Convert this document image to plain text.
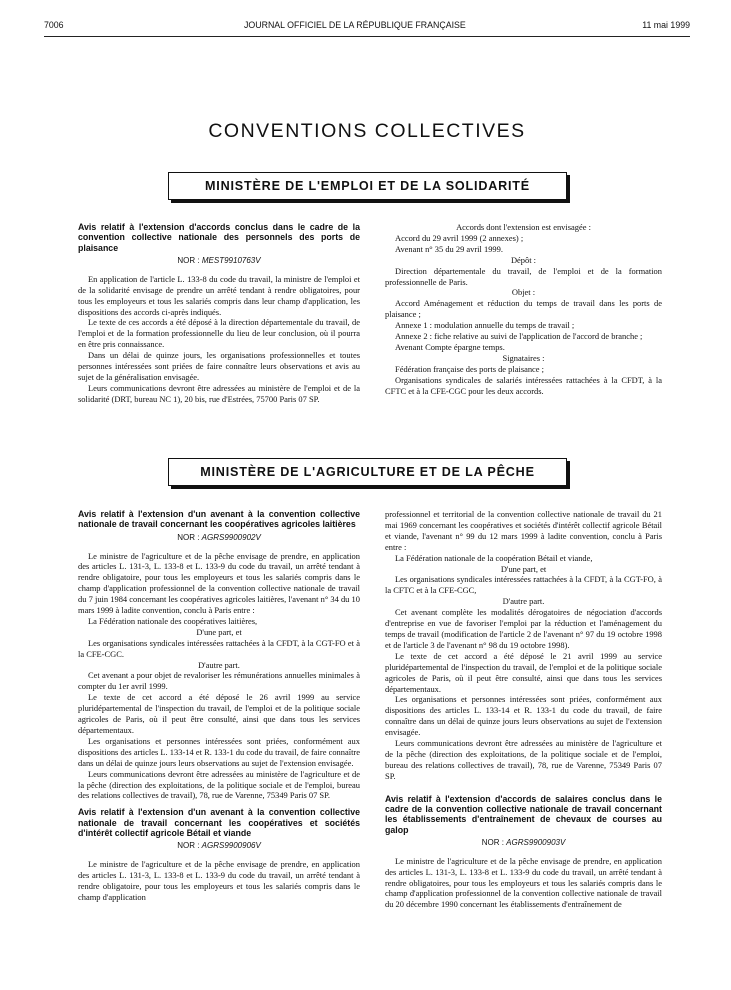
7006	JOURNAL OFFICIEL DE LA RÉPUBLIQUE FRANÇAISE	11 mai 1999
CONVENTIONS COLLECTIVES
MINISTÈRE DE L'EMPLOI ET DE LA SOLIDARITÉ
Avis relatif à l'extension d'accords conclus dans le cadre de la convention collective nationale des personnels des ports de plaisance
NOR : MEST9910763V

En application de l'article L. 133-8 du code du travail, la ministre de l'emploi et de la solidarité envisage de prendre un arrêté tendant à rendre obligatoires, pour tous les employeurs et tous les salariés compris dans leur champ d'application, les dispositions des accords ci-après indiqués.

Le texte de ces accords a été déposé à la direction départementale du travail, de l'emploi et de la formation professionnelle du lieu de leur conclusion, où il pourra en être pris connaissance.

Dans un délai de quinze jours, les organisations professionnelles et toutes personnes intéressées sont priées de faire connaître leurs observations et avis au sujet de la généralisation envisagée.

Leurs communications devront être adressées au ministère de l'emploi et de la solidarité (DRT, bureau NC 1), 20 bis, rue d'Estrées, 75700 Paris 07 SP.

Accords dont l'extension est envisagée :

Accord du 29 avril 1999 (2 annexes) ;

Avenant n° 35 du 29 avril 1999.

Dépôt :

Direction départementale du travail, de l'emploi et de la formation professionnelle de Paris.

Objet :

Accord Aménagement et réduction du temps de travail dans les ports de plaisance ;

Annexe 1 : modulation annuelle du temps de travail ;

Annexe 2 : fiche relative au suivi de l'application de l'accord de branche ;

Avenant Compte épargne temps.

Signataires :

Fédération française des ports de plaisance ;

Organisations syndicales de salariés intéressées rattachées à la CFDT, à la CFTC et à la CFE-CGC pour les deux accords.

MINISTÈRE DE L'AGRICULTURE ET DE LA PÊCHE
Avis relatif à l'extension d'un avenant à la convention collective nationale de travail concernant les coopératives agricoles laitières
NOR : AGRS9900902V

Le ministre de l'agriculture et de la pêche envisage de prendre, en application des articles L. 131-3, L. 133-8 et L. 133-9 du code du travail, un arrêté tendant à rendre obligatoire, pour tous les employeurs et tous les salariés compris dans le champ d'application professionnel de la convention collective nationale de travail du 7 juin 1984 concernant les coopératives agricoles laitières, l'avenant n° 34 du 10 mars 1999 à ladite convention, conclu à Paris entre :

La Fédération nationale des coopératives laitières,

D'une part, et

Les organisations syndicales intéressées rattachées à la CFDT, à la CGT-FO et à la CFE-CGC.

D'autre part.

Cet avenant a pour objet de revaloriser les rémunérations annuelles minimales à compter du 1er avril 1999.

Le texte de cet accord a été déposé le 26 avril 1999 au service pluridépartemental de l'inspection du travail, de l'emploi et de la politique sociale agricoles de Paris, où il peut être consulté, ainsi que dans tous les services départementaux.

Les organisations et personnes intéressées sont priées, conformément aux dispositions des articles L. 133-14 et R. 133-1 du code du travail, de faire connaître dans un délai de quinze jours leurs observations au sujet de l'extension envisagée.

Leurs communications devront être adressées au ministère de l'agriculture et de la pêche (direction des exploitations, de la politique sociale et de l'emploi, bureau des relations collectives de travail), 78, rue de Varenne, 75349 Paris 07 SP.

Avis relatif à l'extension d'un avenant à la convention collective nationale de travail concernant les coopératives et sociétés d'intérêt collectif agricole Bétail et viande
NOR : AGRS9900906V

Le ministre de l'agriculture et de la pêche envisage de prendre, en application des articles L. 131-3, L. 133-8 et L. 133-9 du code du travail, un arrêté tendant à rendre obligatoire, pour tous les employeurs et tous les salariés compris dans le champ d'application

professionnel et territorial de la convention collective nationale de travail du 21 mai 1969 concernant les coopératives et sociétés d'intérêt collectif agricole Bétail et viande, l'avenant n° 99 du 12 mars 1999 à ladite convention, conclu à Paris entre :

La Fédération nationale de la coopération Bétail et viande,

D'une part, et

Les organisations syndicales intéressées rattachées à la CFDT, à la CGT-FO, à la CFTC et à la CFE-CGC,

D'autre part.

Cet avenant complète les modalités dérogatoires de négociation d'accords d'entreprise en vue de favoriser l'emploi par la réduction et l'aménagement du temps de travail (modification de l'article 2 de l'avenant n° 97 du 19 octobre 1998 et de l'article 3 de l'avenant n° 98 du 19 octobre 1998).

Le texte de cet accord a été déposé le 21 avril 1999 au service pluridépartemental de l'inspection du travail, de l'emploi et de la politique sociale agricoles de Paris, où il peut être consulté, ainsi que dans tous les services départementaux.

Les organisations et personnes intéressées sont priées, conformément aux dispositions des articles L. 133-14 et R. 133-1 du code du travail, de faire connaître dans un délai de quinze jours leurs observations au sujet de l'extension envisagée.

Leurs communications devront être adressées au ministère de l'agriculture et de la pêche (direction des exploitations, de la politique sociale et de l'emploi, bureau des relations collectives de travail), 78, rue de Varenne, 75349 Paris 07 SP.

Avis relatif à l'extension d'accords de salaires conclus dans le cadre de la convention collective nationale de travail concernant les établissements d'entraînement de chevaux de courses au galop
NOR : AGRS9900903V

Le ministre de l'agriculture et de la pêche envisage de prendre, en application des articles L. 131-3, L. 133-8 et L. 133-9 du code du travail, un arrêté tendant à rendre obligatoires, pour tous les employeurs et tous les salariés compris dans le champ d'application professionnel de la convention collective nationale de travail du 20 décembre 1990 concernant les établissements d'entraînement de
